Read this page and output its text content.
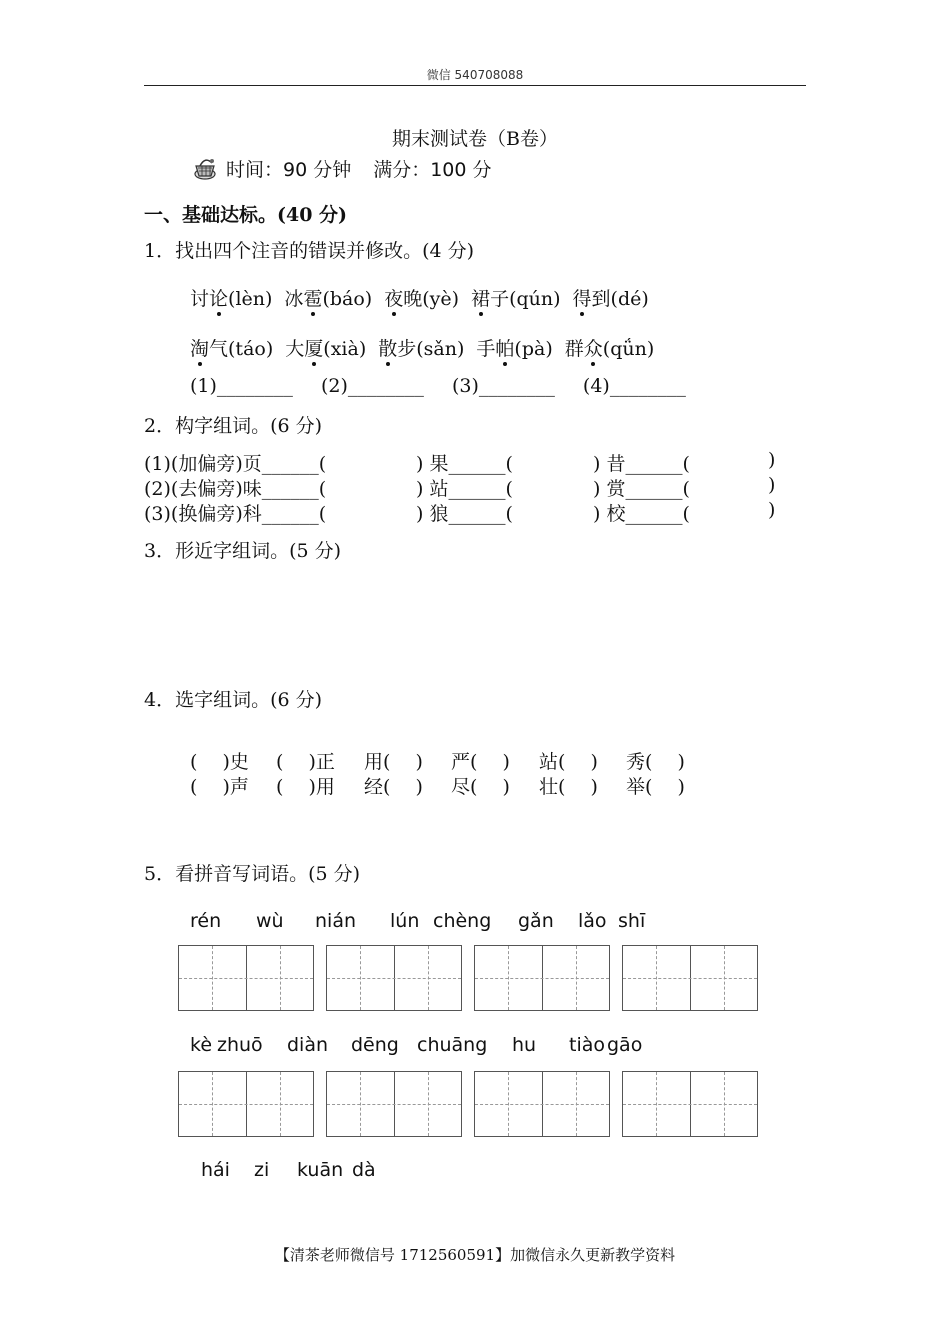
微信 540708088
期末测试卷（B卷）
时间：90 分钟 满分：100 分
一、基础达标。(40 分)
1．找出四个注音的错误并修改。(4 分)
讨论(lèn) 冰雹(báo) 夜晚(yè) 裙子(qún) 得到(dé)
淘气(táo) 大厦(xià) 散步(sǎn) 手帕(pà) 群众(qǘn)
(1)________ (2)________ (3)________ (4)________
2．构字组词。(6 分)
(1)(加偏旁)页______(	) 果______(	) 昔______(	)
(2)(去偏旁)味______(	) 站______(	) 赏______(	)
(3)(换偏旁)科______(	) 狼______(	) 校______(	)
3．形近字组词。(5 分)
4．选字组词。(6 分)
(　 )史 (　 )正 用(　 ) 严(　 ) 站(　 ) 秀(　 )
(　 )声 (　 )用 经(　 ) 尽(　 ) 壮(　 ) 举(　 )
5．看拼音写词语。(5 分)
rén wù nián lún chèng gǎn lǎo shī
kè zhuō diàn dēng chuāng hu tiào gāo
hái zi kuān dà
【清茶老师微信号 1712560591】加微信永久更新教学资料
